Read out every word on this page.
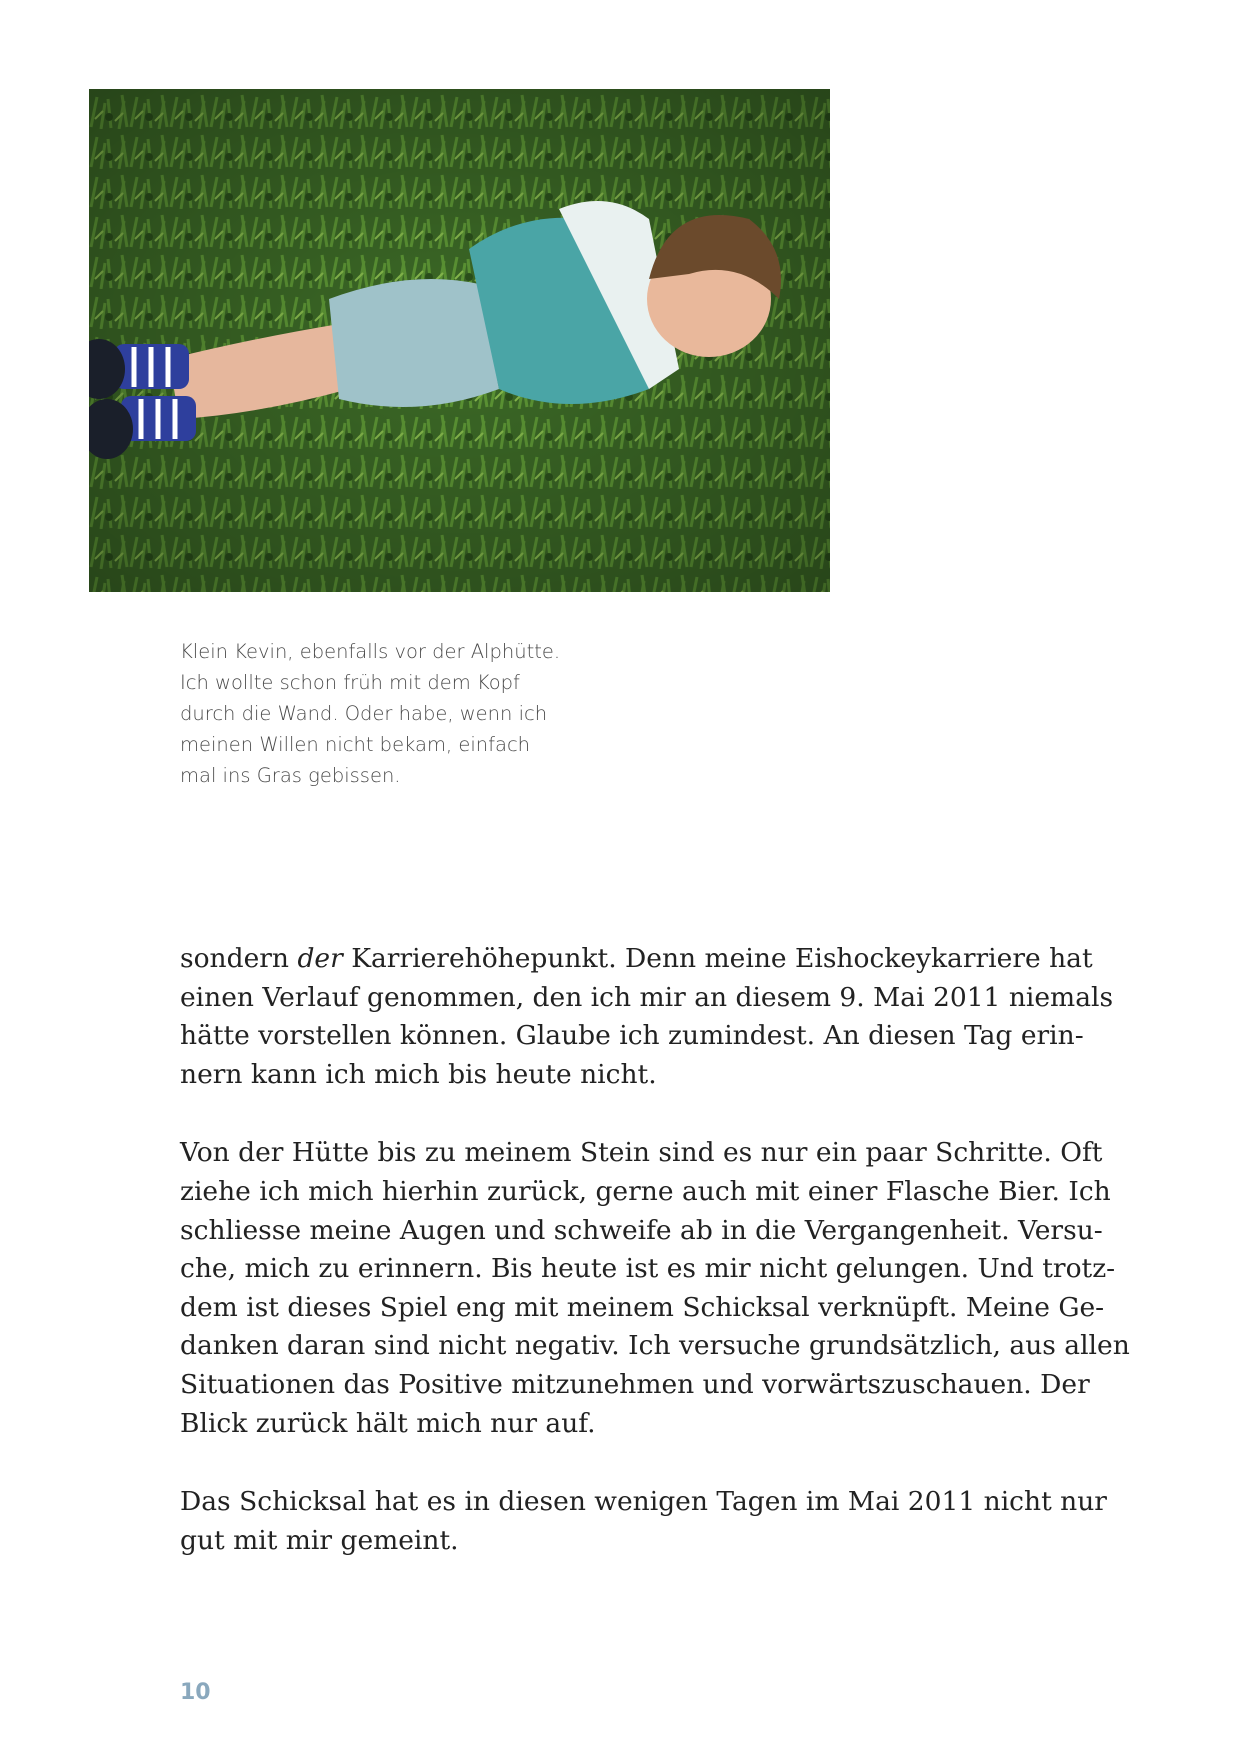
Klein Kevin, ebenfalls vor der Alphütte.
Ich wollte schon früh mit dem Kopf
durch die Wand. Oder habe, wenn ich
meinen Willen nicht bekam, einfach
mal ins Gras gebissen.

sondern der Karrierehöhepunkt. Denn meine Eishockeykarriere hat
einen Verlauf genommen, den ich mir an diesem 9. Mai 2011 niemals
hätte vorstellen können. Glaube ich zumindest. An diesen Tag erin-
nern kann ich mich bis heute nicht.

Von der Hütte bis zu meinem Stein sind es nur ein paar Schritte. Oft
ziehe ich mich hierhin zurück, gerne auch mit einer Flasche Bier. Ich
schliesse meine Augen und schweife ab in die Vergangenheit. Versu-
che, mich zu erinnern. Bis heute ist es mir nicht gelungen. Und trotz-
dem ist dieses Spiel eng mit meinem Schicksal verknüpft. Meine Ge-
danken daran sind nicht negativ. Ich versuche grundsätzlich, aus allen
Situationen das Positive mitzunehmen und vorwärtszuschauen. Der
Blick zurück hält mich nur auf.

Das Schicksal hat es in diesen wenigen Tagen im Mai 2011 nicht nur
gut mit mir gemeint.

10
